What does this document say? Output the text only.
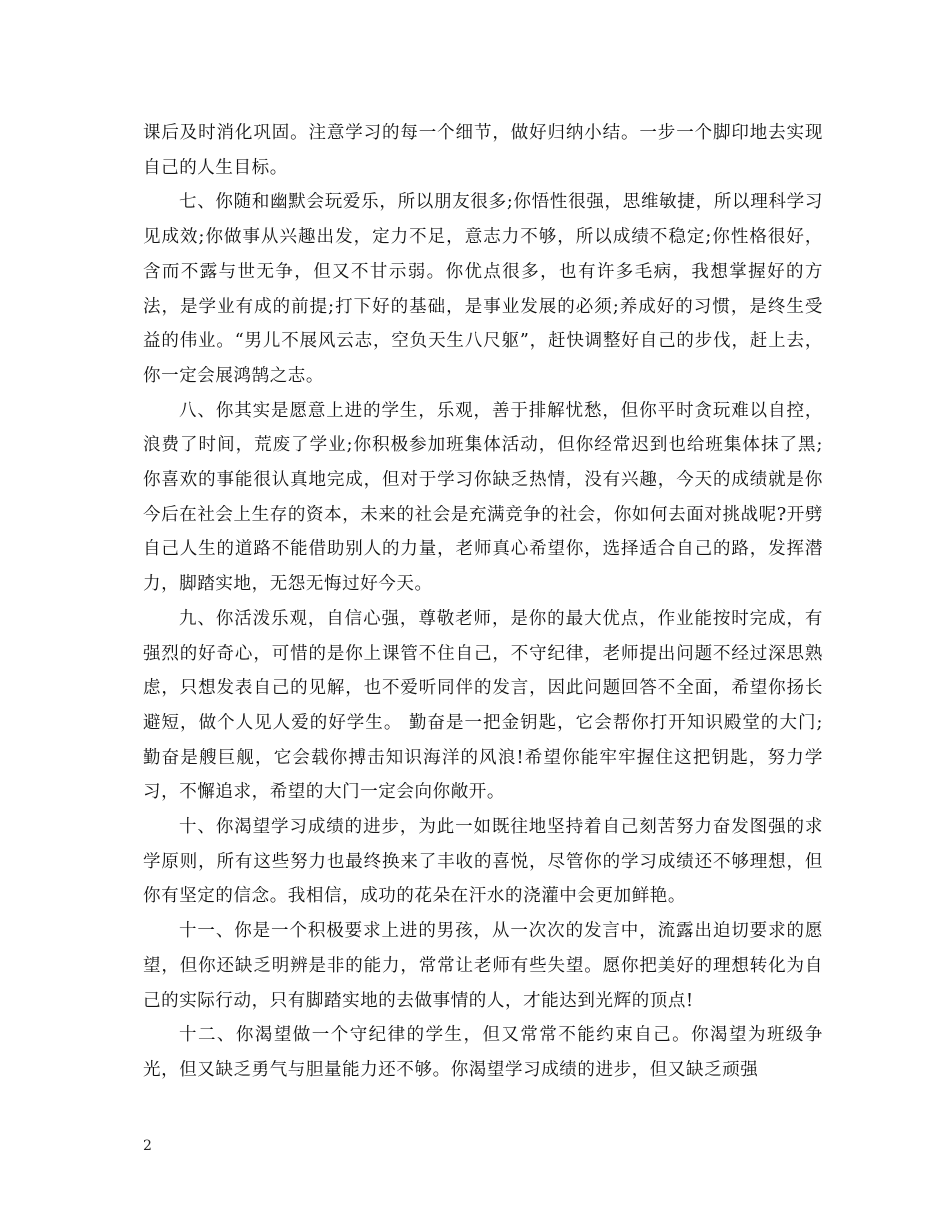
课后及时消化巩固。注意学习的每一个细节，做好归纳小结。一步一个脚印地去实现自己的人生目标。

七、你随和幽默会玩爱乐，所以朋友很多;你悟性很强，思维敏捷，所以理科学习见成效;你做事从兴趣出发，定力不足，意志力不够，所以成绩不稳定;你性格很好，含而不露与世无争，但又不甘示弱。你优点很多，也有许多毛病，我想掌握好的方法，是学业有成的前提;打下好的基础，是事业发展的必须;养成好的习惯，是终生受益的伟业。“男儿不展风云志，空负天生八尺躯”，赶快调整好自己的步伐，赶上去，你一定会展鸿鹄之志。

八、你其实是愿意上进的学生，乐观，善于排解忧愁，但你平时贪玩难以自控，浪费了时间，荒废了学业;你积极参加班集体活动，但你经常迟到也给班集体抹了黑;你喜欢的事能很认真地完成，但对于学习你缺乏热情，没有兴趣，今天的成绩就是你今后在社会上生存的资本，未来的社会是充满竞争的社会，你如何去面对挑战呢?开劈自己人生的道路不能借助别人的力量，老师真心希望你，选择适合自己的路，发挥潜力，脚踏实地，无怨无悔过好今天。

九、你活泼乐观，自信心强，尊敬老师，是你的最大优点，作业能按时完成，有强烈的好奇心，可惜的是你上课管不住自己，不守纪律，老师提出问题不经过深思熟虑，只想发表自己的见解，也不爱听同伴的发言，因此问题回答不全面，希望你扬长避短，做个人见人爱的好学生。 勤奋是一把金钥匙，它会帮你打开知识殿堂的大门;勤奋是艘巨舰，它会载你搏击知识海洋的风浪!希望你能牢牢握住这把钥匙，努力学习，不懈追求，希望的大门一定会向你敞开。

十、你渴望学习成绩的进步，为此一如既往地坚持着自己刻苦努力奋发图强的求学原则，所有这些努力也最终换来了丰收的喜悦，尽管你的学习成绩还不够理想，但你有坚定的信念。我相信，成功的花朵在汗水的浇灌中会更加鲜艳。

十一、你是一个积极要求上进的男孩，从一次次的发言中，流露出迫切要求的愿望，但你还缺乏明辨是非的能力，常常让老师有些失望。愿你把美好的理想转化为自己的实际行动，只有脚踏实地的去做事情的人，才能达到光辉的顶点!

十二、你渴望做一个守纪律的学生，但又常常不能约束自己。你渴望为班级争光，但又缺乏勇气与胆量能力还不够。你渴望学习成绩的进步，但又缺乏顽强

2
